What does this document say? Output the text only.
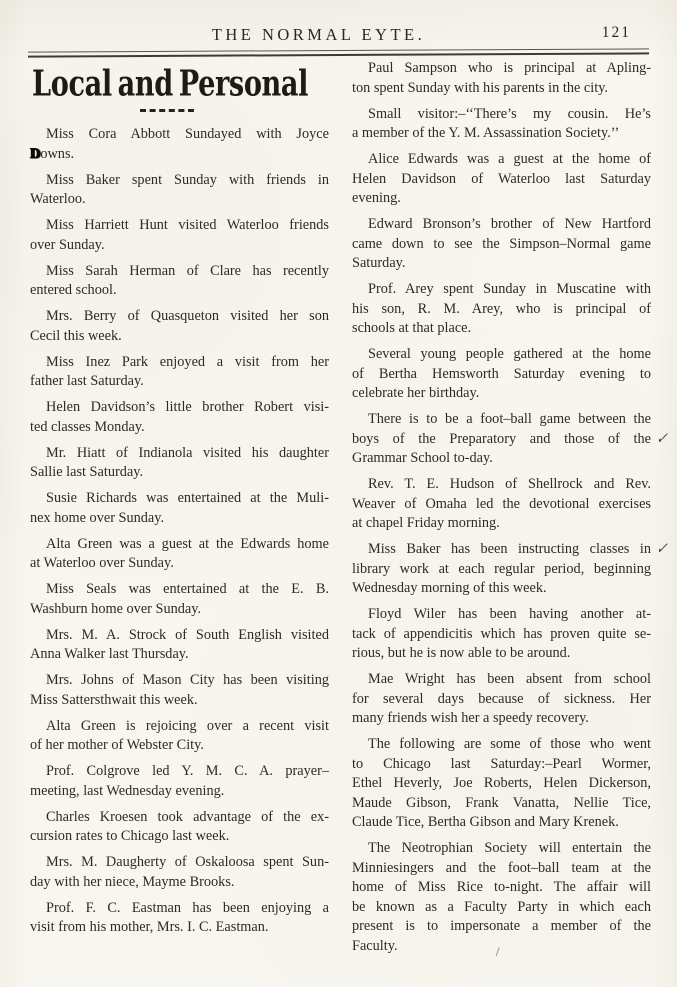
THE NORMAL EYTE.	121
Local and Personal

Miss Cora Abbott Sundayed with Joyce
Downs.

Miss Baker spent Sunday with friends in
Waterloo.

Miss Harriett Hunt visited Waterloo friends
over Sunday.

Miss Sarah Herman of Clare has recently
entered school.

Mrs. Berry of Quasqueton visited her son
Cecil this week.

Miss Inez Park enjoyed a visit from her
father last Saturday.

Helen Davidson’s little brother Robert visi-
ted classes Monday.

Mr. Hiatt of Indianola visited his daughter
Sallie last Saturday.

Susie Richards was entertained at the Muli-
nex home over Sunday.

Alta Green was a guest at the Edwards home
at Waterloo over Sunday.

Miss Seals was entertained at the E. B.
Washburn home over Sunday.

Mrs. M. A. Strock of South English visited
Anna Walker last Thursday.

Mrs. Johns of Mason City has been visiting
Miss Sattersthwait this week.

Alta Green is rejoicing over a recent visit
of her mother of Webster City.

Prof. Colgrove led Y. M. C. A. prayer–
meeting, last Wednesday evening.

Charles Kroesen took advantage of the ex-
cursion rates to Chicago last week.

Mrs. M. Daugherty of Oskaloosa spent Sun-
day with her niece, Mayme Brooks.

Prof. F. C. Eastman has been enjoying a
visit from his mother, Mrs. I. C. Eastman.

Paul Sampson who is principal at Apling-
ton spent Sunday with his parents in the city.

Small visitor:–‘‘There’s my cousin. He’s
a member of the Y. M. Assassination Society.’’

Alice Edwards was a guest at the home of
Helen Davidson of Waterloo last Saturday
evening.

Edward Bronson’s brother of New Hartford
came down to see the Simpson–Normal game
Saturday.

Prof. Arey spent Sunday in Muscatine with
his son, R. M. Arey, who is principal of
schools at that place.

Several young people gathered at the home
of Bertha Hemsworth Saturday evening to
celebrate her birthday.

There is to be a foot–ball game between the
boys of the Preparatory and those of the
Grammar School to-day.
✓

Rev. T. E. Hudson of Shellrock and Rev.
Weaver of Omaha led the devotional exercises
at chapel Friday morning.

Miss Baker has been instructing classes in
library work at each regular period, beginning
Wednesday morning of this week.
✓

Floyd Wiler has been having another at-
tack of appendicitis which has proven quite se-
rious, but he is now able to be around.

Mae Wright has been absent from school
for several days because of sickness. Her
many friends wish her a speedy recovery.

The following are some of those who went
to Chicago last Saturday:–Pearl Wormer,
Ethel Heverly, Joe Roberts, Helen Dickerson,
Maude Gibson, Frank Vanatta, Nellie Tice,
Claude Tice, Bertha Gibson and Mary Krenek.

The Neotrophian Society will entertain the
Minniesingers and the foot–ball team at the
home of Miss Rice to-night. The affair will
be known as a Faculty Party in which each
present is to impersonate a member of the
Faculty.
